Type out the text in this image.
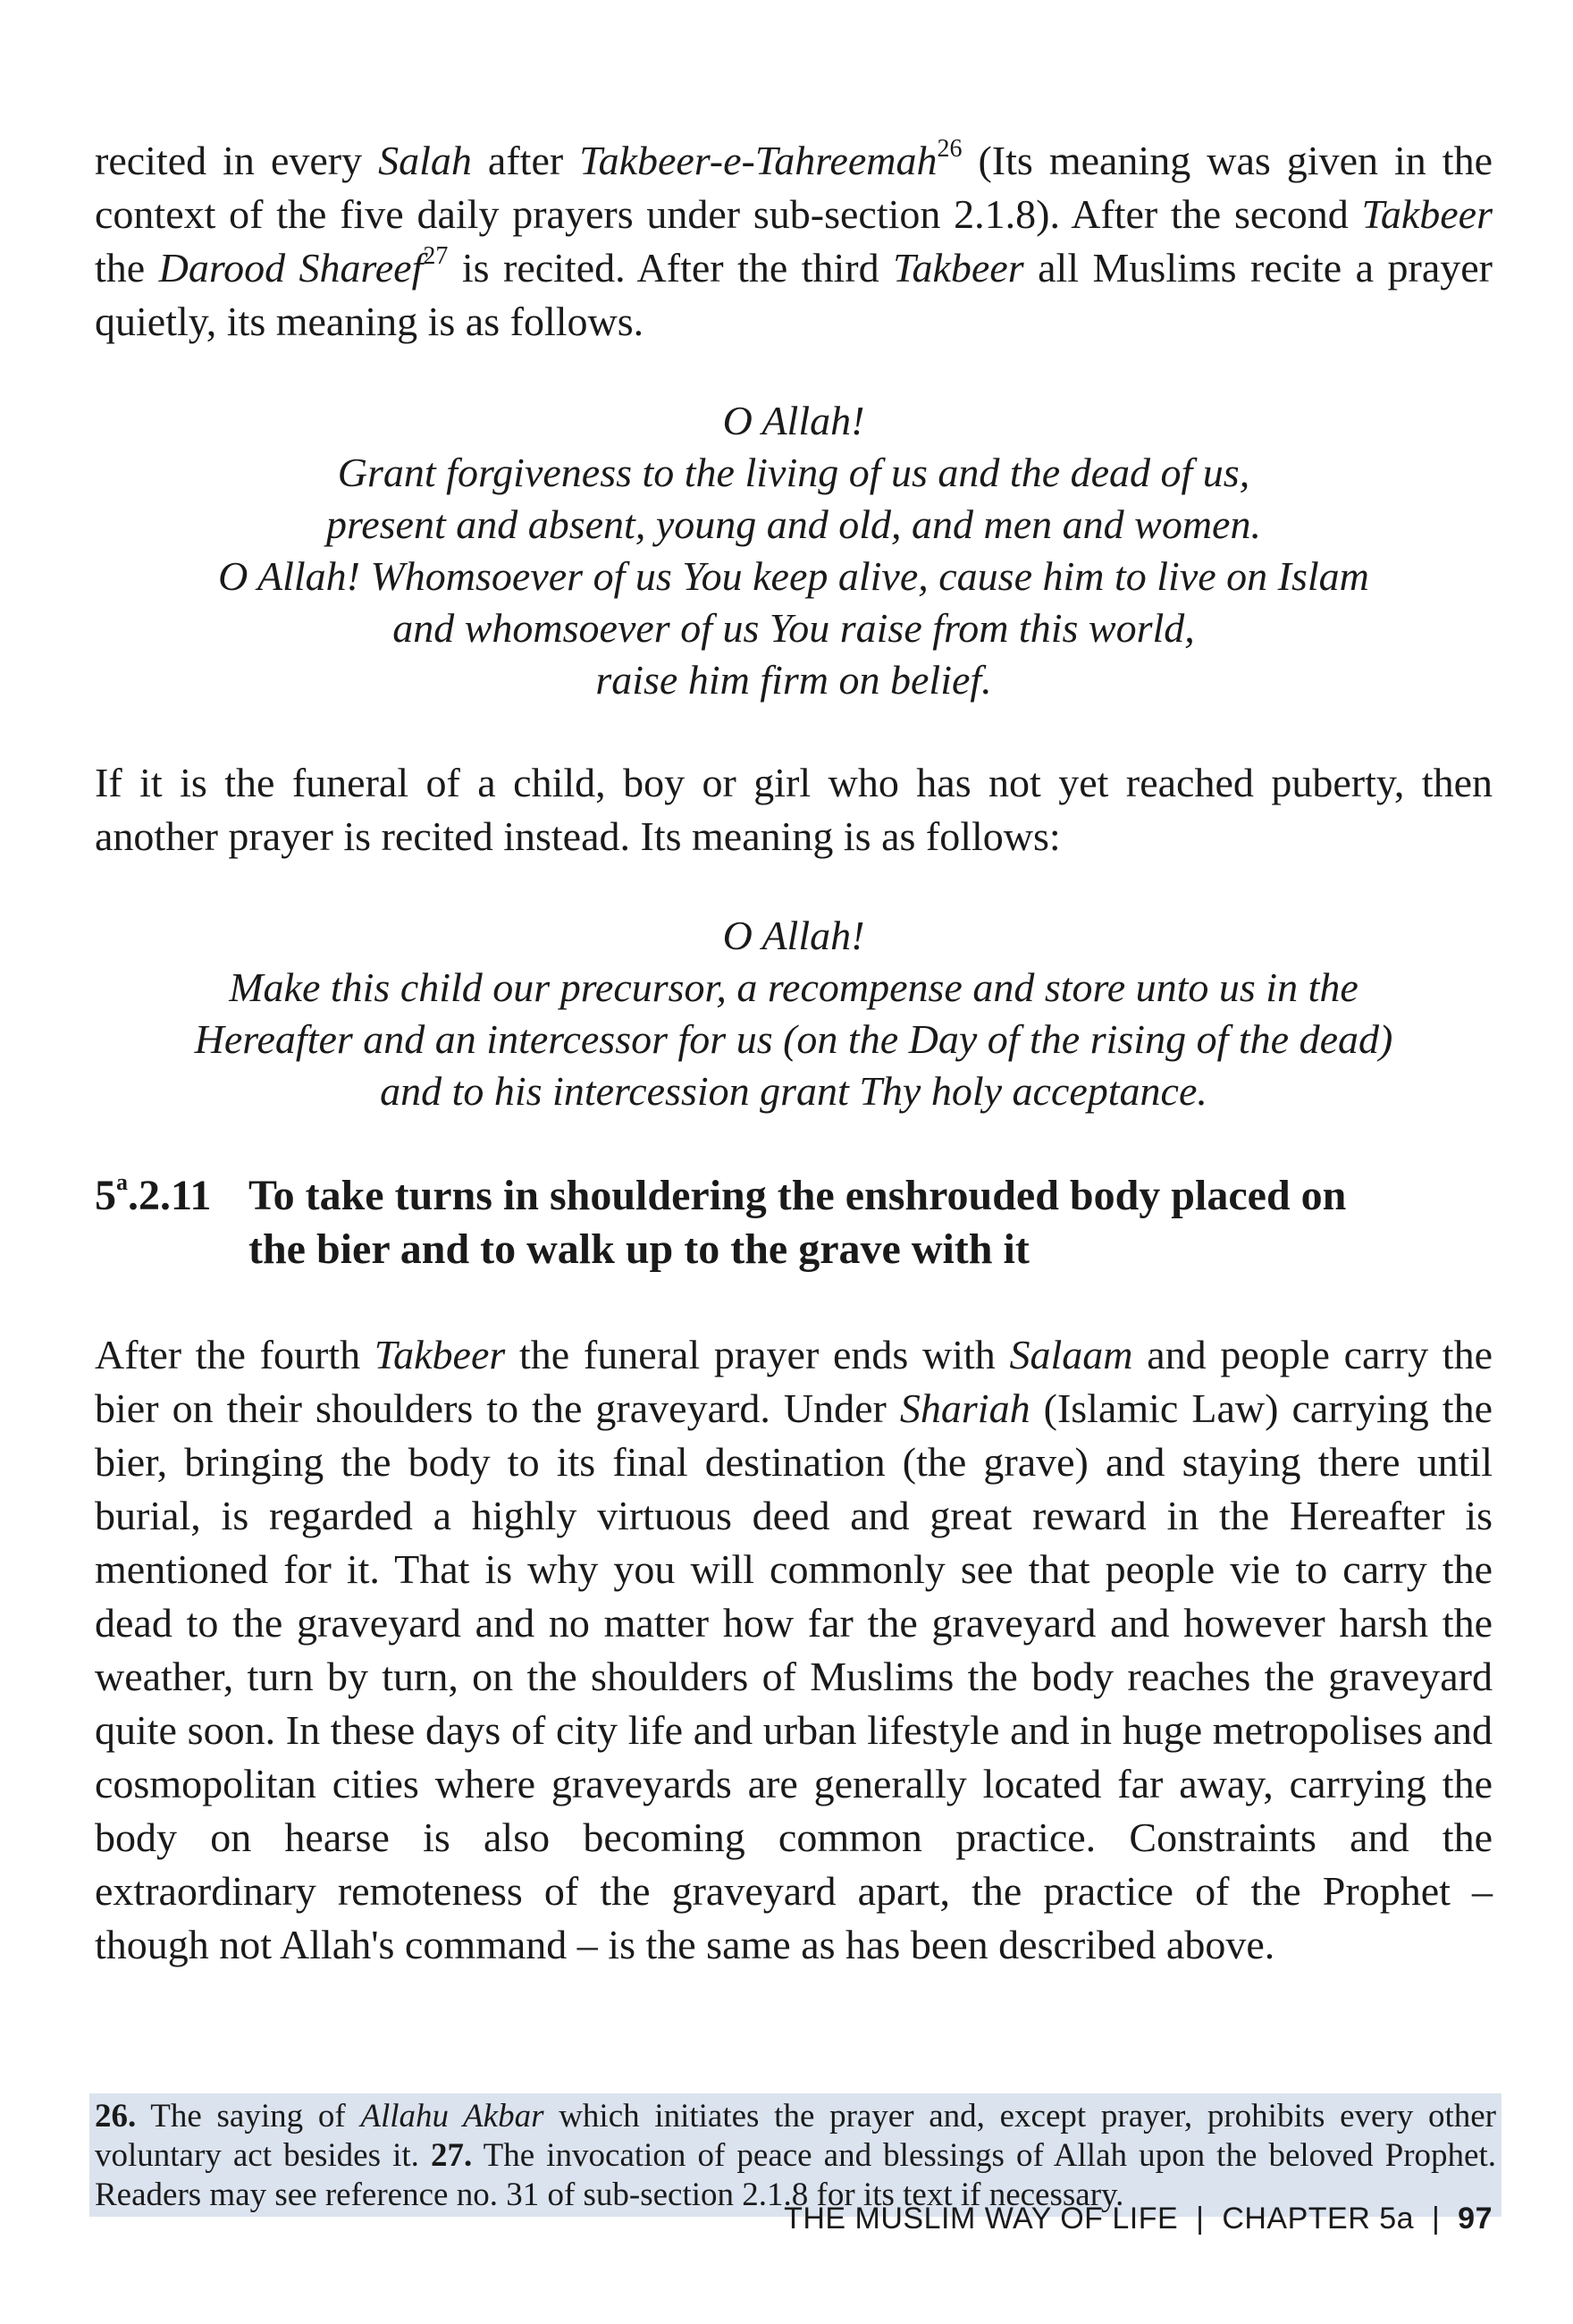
recited in every Salah after Takbeer-e-Tahreemah$^{26}$ (Its meaning was given in the context of the five daily prayers under sub-section 2.1.8). After the second Takbeer the Darood Shareef$^{27}$ is recited. After the third Takbeer all Muslims recite a prayer quietly, its meaning is as follows.

O Allah!
Grant forgiveness to the living of us and the dead of us,
present and absent, young and old, and men and women.
O Allah! Whomsoever of us You keep alive, cause him to live on Islam
and whomsoever of us You raise from this world,
raise him firm on belief.

If it is the funeral of a child, boy or girl who has not yet reached puberty, then another prayer is recited instead. Its meaning is as follows:

O Allah!
Make this child our precursor, a recompense and store unto us in the
Hereafter and an intercessor for us (on the Day of the rising of the dead)
and to his intercession grant Thy holy acceptance.
5$^a$.2.11 To take turns in shouldering the enshrouded body placed on
the bier and to walk up to the grave with it

After the fourth Takbeer the funeral prayer ends with Salaam and people carry the bier on their shoulders to the graveyard. Under Shariah (Islamic Law) carrying the bier, bringing the body to its final destination (the grave) and staying there until burial, is regarded a highly virtuous deed and great reward in the Hereafter is mentioned for it. That is why you will commonly see that people vie to carry the dead to the graveyard and no matter how far the graveyard and however harsh the weather, turn by turn, on the shoulders of Muslims the body reaches the graveyard quite soon. In these days of city life and urban lifestyle and in huge metropolises and cosmopolitan cities where graveyards are generally located far away, carrying the body on hearse is also becoming common practice. Constraints and the extraordinary remoteness of the graveyard apart, the practice of the Prophet – though not Allah's command – is the same as has been described above.

26. The saying of Allahu Akbar which initiates the prayer and, except prayer, prohibits every other voluntary act besides it. 27. The invocation of peace and blessings of Allah upon the beloved Prophet. Readers may see reference no. 31 of sub-section 2.1.8 for its text if necessary.
THE MUSLIM WAY OF LIFE  |  CHAPTER 5a  |  97
